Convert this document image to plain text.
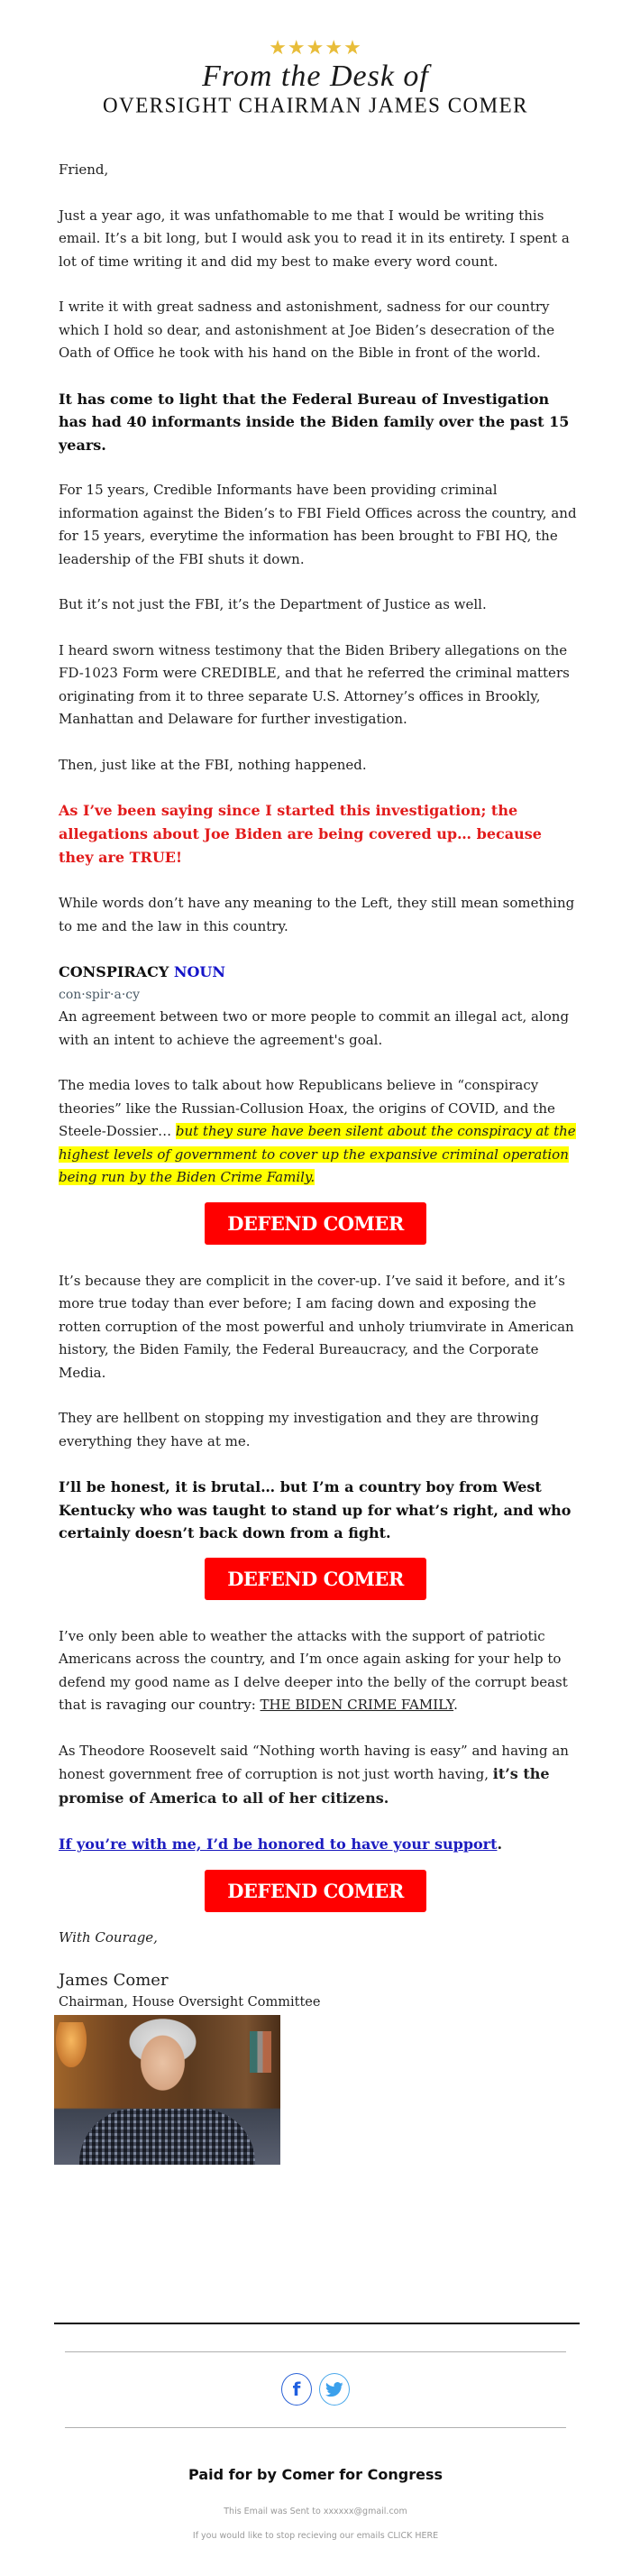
★★★★★
From the Desk of
OVERSIGHT CHAIRMAN JAMES COMER

Friend,

Just a year ago, it was unfathomable to me that I would be writing this email. It’s a bit long, but I would ask you to read it in its entirety. I spent a lot of time writing it and did my best to make every word count.

I write it with great sadness and astonishment, sadness for our country which I hold so dear, and astonishment at Joe Biden’s desecration of the Oath of Office he took with his hand on the Bible in front of the world.

It has come to light that the Federal Bureau of Investigation has had 40 informants inside the Biden family over the past 15 years.

For 15 years, Credible Informants have been providing criminal information against the Biden’s to FBI Field Offices across the country, and for 15 years, everytime the information has been brought to FBI HQ, the leadership of the FBI shuts it down.

But it’s not just the FBI, it’s the Department of Justice as well.

I heard sworn witness testimony that the Biden Bribery allegations on the FD-1023 Form were CREDIBLE, and that he referred the criminal matters originating from it to three separate U.S. Attorney’s offices in Brookly, Manhattan and Delaware for further investigation.

Then, just like at the FBI, nothing happened.

As I’ve been saying since I started this investigation; the allegations about Joe Biden are being covered up… because they are TRUE!

While words don’t have any meaning to the Left, they still mean something to me and the law in this country.

CONSPIRACY NOUN
con·spir·a·cy
An agreement between two or more people to commit an illegal act, along with an intent to achieve the agreement's goal.

The media loves to talk about how Republicans believe in “conspiracy theories” like the Russian-Collusion Hoax, the origins of COVID, and the Steele-Dossier… but they sure have been silent about the conspiracy at the highest levels of government to cover up the expansive criminal operation being run by the Biden Crime Family.

DEFEND COMER

It’s because they are complicit in the cover-up. I’ve said it before, and it’s more true today than ever before; I am facing down and exposing the rotten corruption of the most powerful and unholy triumvirate in American history, the Biden Family, the Federal Bureaucracy, and the Corporate Media.

They are hellbent on stopping my investigation and they are throwing everything they have at me.

I’ll be honest, it is brutal… but I’m a country boy from West Kentucky who was taught to stand up for what’s right, and who certainly doesn’t back down from a fight.

DEFEND COMER

I’ve only been able to weather the attacks with the support of patriotic Americans across the country, and I’m once again asking for your help to defend my good name as I delve deeper into the belly of the corrupt beast that is ravaging our country: THE BIDEN CRIME FAMILY.

As Theodore Roosevelt said “Nothing worth having is easy” and having an honest government free of corruption is not just worth having, it’s the promise of America to all of her citizens.

If you’re with me, I’d be honored to have your support.

DEFEND COMER

With Courage,

James Comer
Chairman, House Oversight Committee
f
Paid for by Comer for Congress
This Email was Sent to xxxxxx@gmail.com
If you would like to stop recieving our emails CLICK HERE
